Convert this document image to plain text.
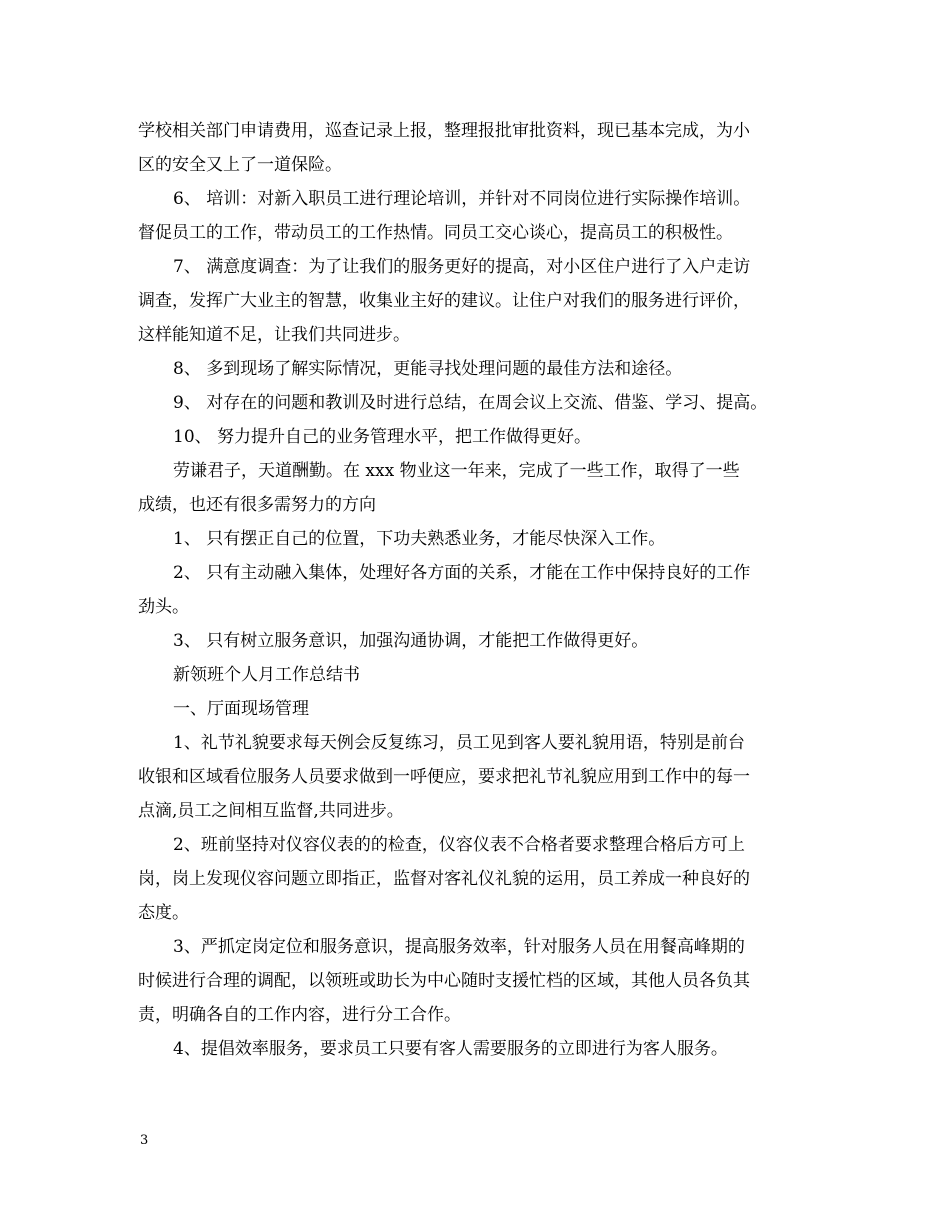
学校相关部门申请费用，巡查记录上报，整理报批审批资料，现已基本完成，为小
区的安全又上了一道保险。
6、 培训：对新入职员工进行理论培训，并针对不同岗位进行实际操作培训。
督促员工的工作，带动员工的工作热情。同员工交心谈心，提高员工的积极性。
7、 满意度调查：为了让我们的服务更好的提高，对小区住户进行了入户走访
调查，发挥广大业主的智慧，收集业主好的建议。让住户对我们的服务进行评价，
这样能知道不足，让我们共同进步。
8、 多到现场了解实际情况，更能寻找处理问题的最佳方法和途径。
9、 对存在的问题和教训及时进行总结，在周会议上交流、借鉴、学习、提高。
10、 努力提升自己的业务管理水平，把工作做得更好。
劳谦君子，天道酬勤。在 xxx 物业这一年来，完成了一些工作，取得了一些
成绩，也还有很多需努力的方向
1、 只有摆正自己的位置，下功夫熟悉业务，才能尽快深入工作。
2、 只有主动融入集体，处理好各方面的关系，才能在工作中保持良好的工作
劲头。
3、 只有树立服务意识，加强沟通协调，才能把工作做得更好。
新领班个人月工作总结书
一、厅面现场管理
1、礼节礼貌要求每天例会反复练习，员工见到客人要礼貌用语，特别是前台
收银和区域看位服务人员要求做到一呼便应，要求把礼节礼貌应用到工作中的每一
点滴,员工之间相互监督,共同进步。
2、班前坚持对仪容仪表的的检查，仪容仪表不合格者要求整理合格后方可上
岗，岗上发现仪容问题立即指正，监督对客礼仪礼貌的运用，员工养成一种良好的
态度。
3、严抓定岗定位和服务意识，提高服务效率，针对服务人员在用餐高峰期的
时候进行合理的调配，以领班或助长为中心随时支援忙档的区域，其他人员各负其
责，明确各自的工作内容，进行分工合作。
4、提倡效率服务，要求员工只要有客人需要服务的立即进行为客人服务。
3
